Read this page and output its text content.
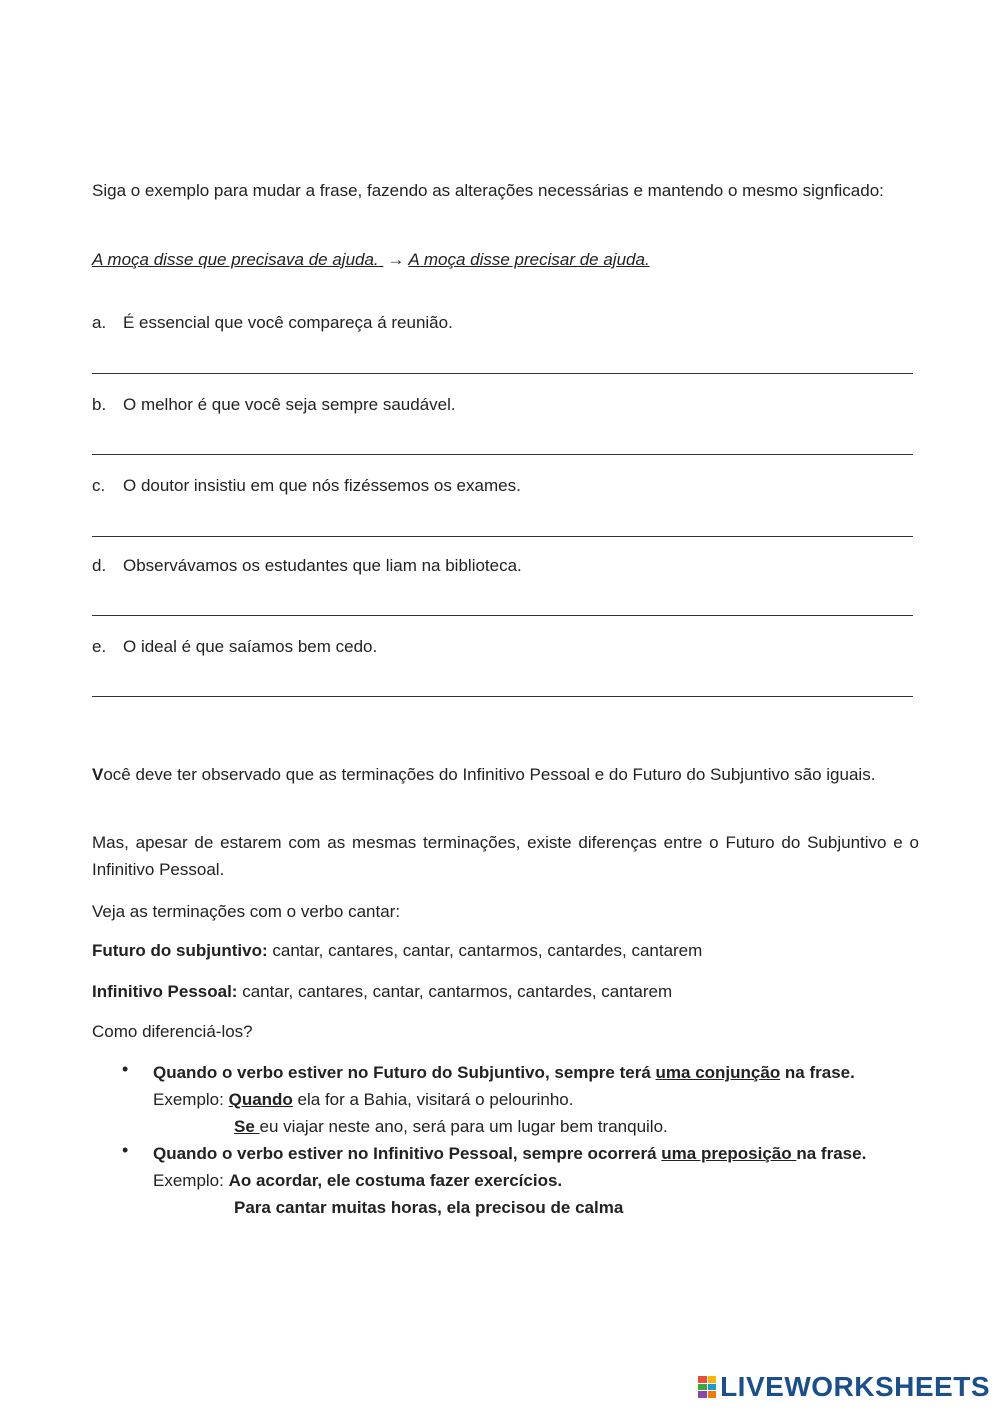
Siga o exemplo para mudar a frase, fazendo as alterações necessárias e mantendo o mesmo signficado:
A moça disse que precisava de ajuda. → A moça disse precisar de ajuda.
a. É essencial que você compareça á reunião.
b. O melhor é que você seja sempre saudável.
c. O doutor insistiu em que nós fizéssemos os exames.
d. Observávamos os estudantes que liam na biblioteca.
e. O ideal é que saíamos bem cedo.
Você deve ter observado que as terminações do Infinitivo Pessoal e do Futuro do Subjuntivo são iguais.
Mas, apesar de estarem com as mesmas terminações, existe diferenças entre o Futuro do Subjuntivo e o Infinitivo Pessoal.
Veja as terminações com o verbo cantar:
Futuro do subjuntivo: cantar, cantares, cantar, cantarmos, cantardes, cantarem
Infinitivo Pessoal: cantar, cantares, cantar, cantarmos, cantardes, cantarem
Como diferenciá-los?
• Quando o verbo estiver no Futuro do Subjuntivo, sempre terá uma conjunção na frase.
Exemplo: Quando ela for a Bahia, visitará o pelourinho.
Se eu viajar neste ano, será para um lugar bem tranquilo.
• Quando o verbo estiver no Infinitivo Pessoal, sempre ocorrerá uma preposição na frase.
Exemplo: Ao acordar, ele costuma fazer exercícios.
Para cantar muitas horas, ela precisou de calma
LIVEWORKSHEETS
